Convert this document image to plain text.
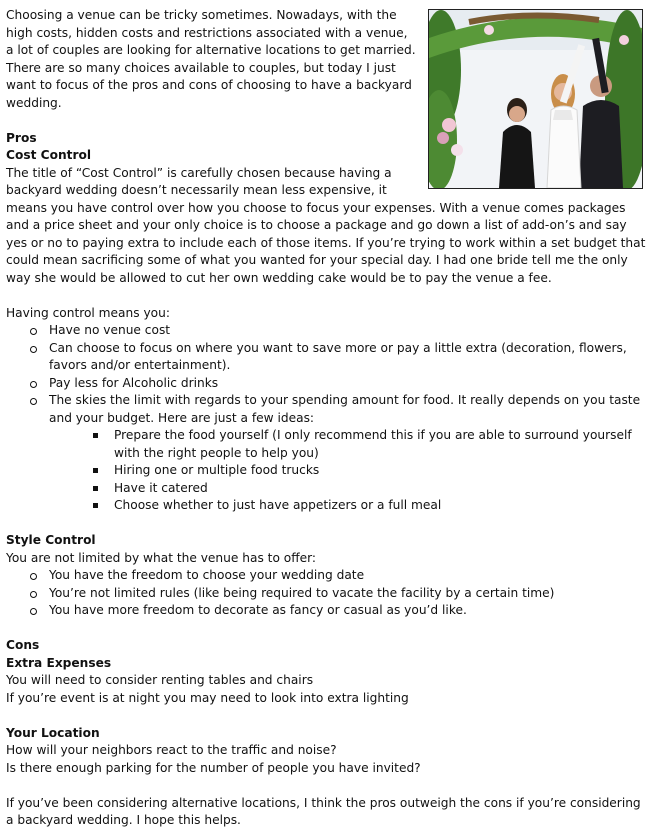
Choosing a venue can be tricky sometimes. Nowadays, with the high costs, hidden costs and restrictions associated with a venue, a lot of couples are looking for alternative locations to get married. There are so many choices available to couples, but today I just want to focus of the pros and cons of choosing to have a backyard wedding.

Pros

Cost Control

The title of “Cost Control” is carefully chosen because having a backyard wedding doesn’t necessarily mean less expensive, it means you have control over how you choose to focus your expenses. With a venue comes packages and a price sheet and your only choice is to choose a package and go down a list of add-on’s and say yes or no to paying extra to include each of those items. If you’re trying to work within a set budget that could mean sacrificing some of what you wanted for your special day. I had one bride tell me the only way she would be allowed to cut her own wedding cake would be to pay the venue a fee.

Having control means you:

Have no venue cost
Can choose to focus on where you want to save more or pay a little extra (decoration, flowers, favors and/or entertainment).
Pay less for Alcoholic drinks
The skies the limit with regards to your spending amount for food. It really depends on you taste and your budget. Here are just a few ideas:
Prepare the food yourself (I only recommend this if you are able to surround yourself with the right people to help you)
Hiring one or multiple food trucks
Have it catered
Choose whether to just have appetizers or a full meal

Style Control

You are not limited by what the venue has to offer:

You have the freedom to choose your wedding date
You’re not limited rules (like being required to vacate the facility by a certain time)
You have more freedom to decorate as fancy or casual as you’d like.

Cons

Extra Expenses

You will need to consider renting tables and chairs

If you’re event is at night you may need to look into extra lighting

Your Location

How will your neighbors react to the traffic and noise?

Is there enough parking for the number of people you have invited?

If you’ve been considering alternative locations, I think the pros outweigh the cons if you’re considering a backyard wedding. I hope this helps.
